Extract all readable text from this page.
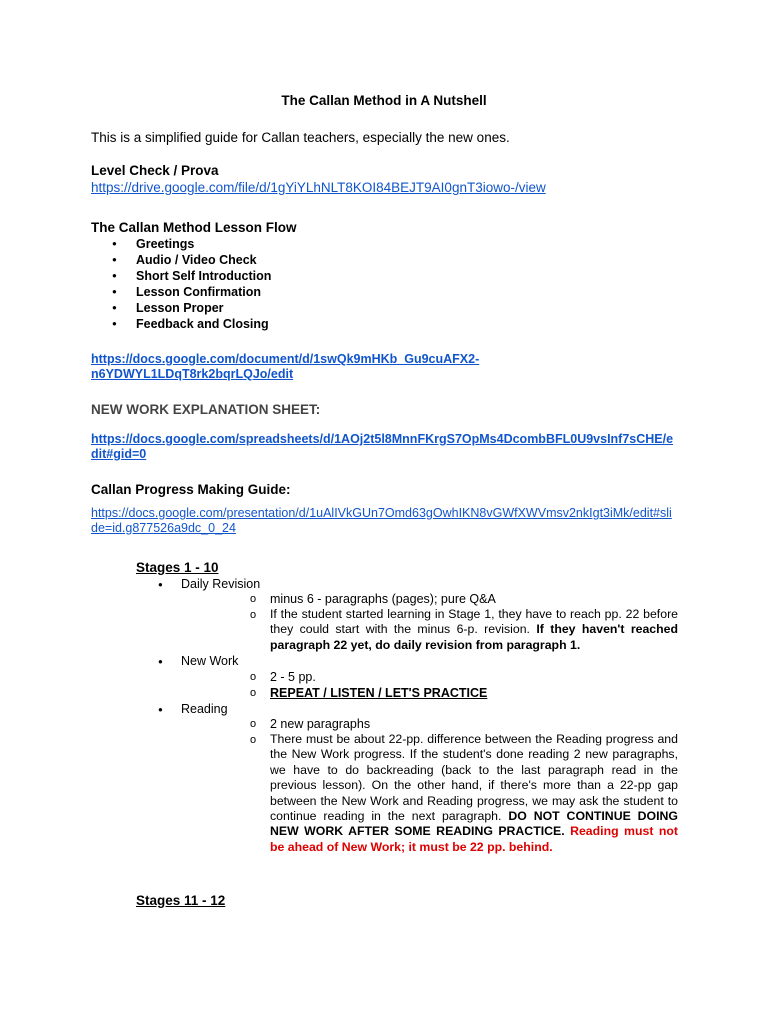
The Callan Method in A Nutshell
This is a simplified guide for Callan teachers, especially the new ones.
Level Check / Prova
https://drive.google.com/file/d/1gYiYLhNLT8KOI84BEJT9AI0gnT3iowo-/view
The Callan Method Lesson Flow
● Greetings
● Audio / Video Check
● Short Self Introduction
● Lesson Confirmation
● Lesson Proper
● Feedback and Closing
https://docs.google.com/document/d/1swQk9mHKb_Gu9cuAFX2-
n6YDWYL1LDqT8rk2bqrLQJo/edit
NEW WORK EXPLANATION SHEET:
https://docs.google.com/spreadsheets/d/1AOj2t5l8MnnFKrgS7OpMs4DcombBFL0U9vsInf7sCHE/e
dit#gid=0
Callan Progress Making Guide:
https://docs.google.com/presentation/d/1uAlIVkGUn7Omd63gOwhIKN8vGWfXWVmsv2nkIgt3iMk/edit#sli
de=id.g877526a9dc_0_24
Stages 1 - 10
● Daily Revision
o minus 6 - paragraphs (pages); pure Q&A
o If the student started learning in Stage 1, they have to reach pp. 22 before they could start with the minus 6-p. revision. If they haven't reached paragraph 22 yet, do daily revision from paragraph 1.
● New Work
o 2 - 5 pp.
o REPEAT / LISTEN / LET'S PRACTICE
● Reading
o 2 new paragraphs
o There must be about 22-pp. difference between the Reading progress and the New Work progress. If the student's done reading 2 new paragraphs, we have to do backreading (back to the last paragraph read in the previous lesson). On the other hand, if there's more than a 22-pp gap between the New Work and Reading progress, we may ask the student to continue reading in the next paragraph. DO NOT CONTINUE DOING NEW WORK AFTER SOME READING PRACTICE. Reading must not be ahead of New Work; it must be 22 pp. behind.
Stages 11 - 12
